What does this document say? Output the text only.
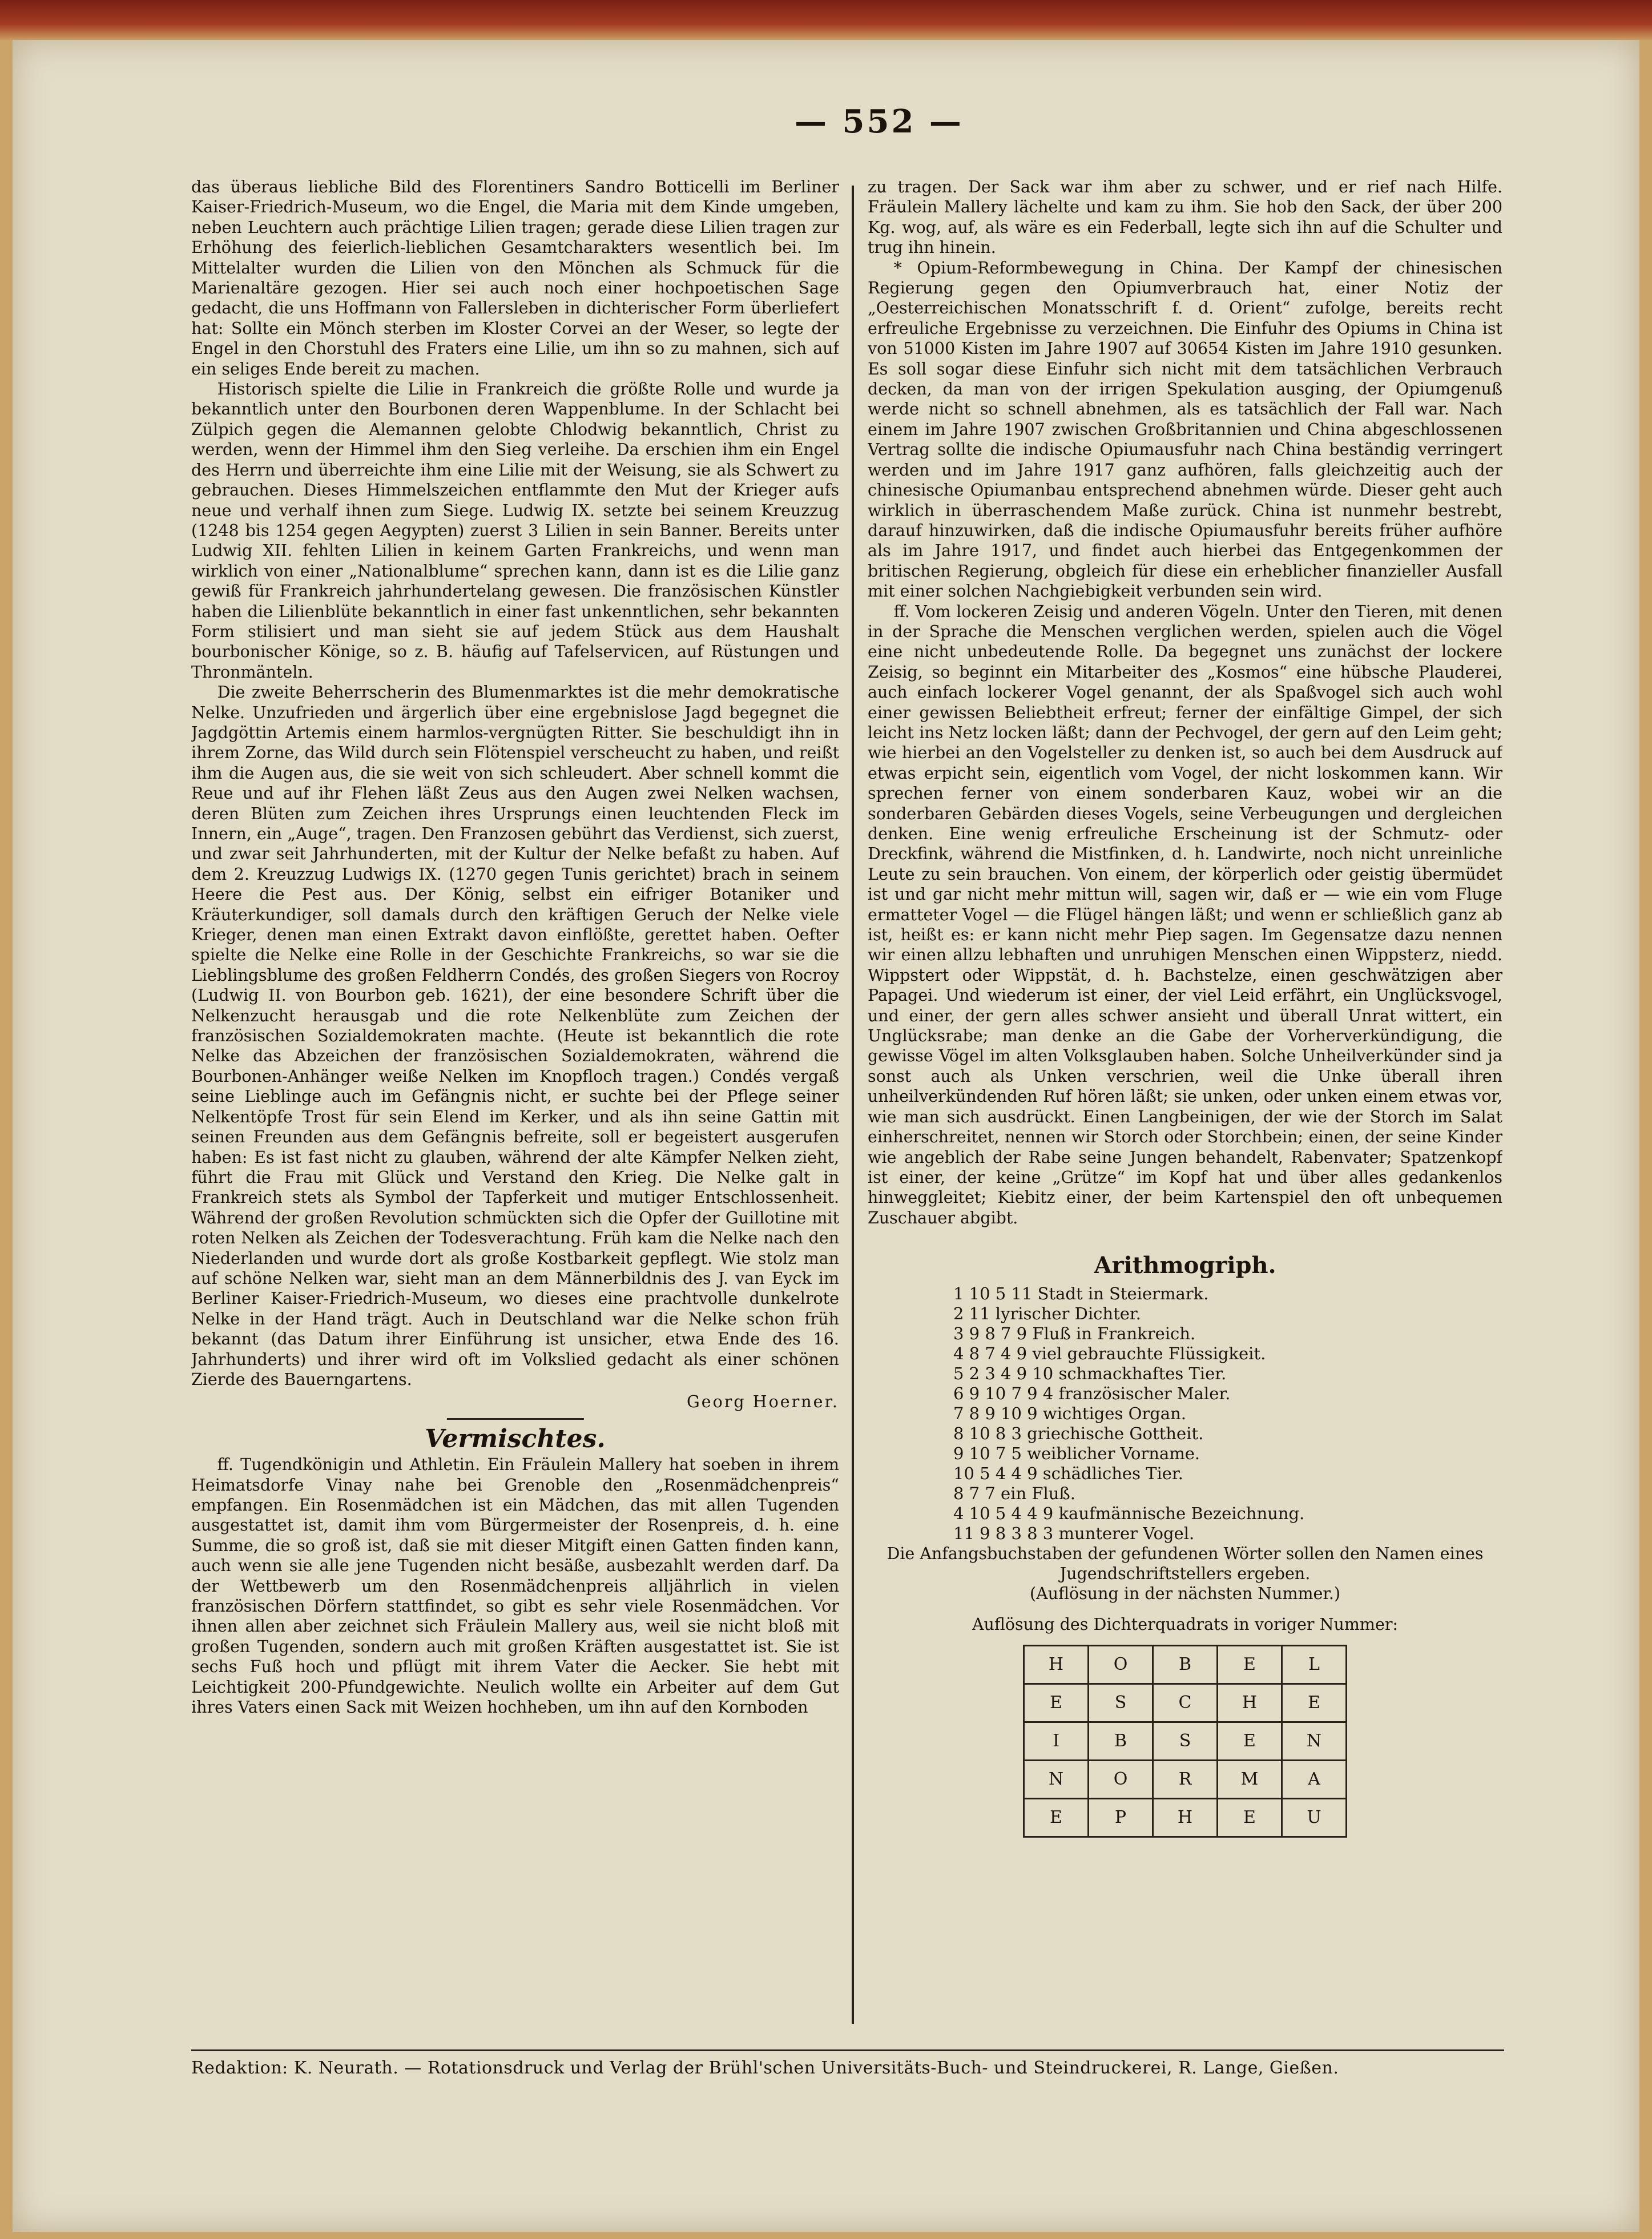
— 552 —

das überaus liebliche Bild des Florentiners Sandro Botticelli im Berliner Kaiser-Friedrich-Museum, wo die Engel, die Maria mit dem Kinde umgeben, neben Leuchtern auch prächtige Lilien tragen; gerade diese Lilien tragen zur Erhöhung des feierlich-lieblichen Gesamtcharakters wesentlich bei. Im Mittelalter wurden die Lilien von den Mönchen als Schmuck für die Marienaltäre gezogen. Hier sei auch noch einer hochpoetischen Sage gedacht, die uns Hoffmann von Fallersleben in dichterischer Form überliefert hat: Sollte ein Mönch sterben im Kloster Corvei an der Weser, so legte der Engel in den Chorstuhl des Fraters eine Lilie, um ihn so zu mahnen, sich auf ein seliges Ende bereit zu machen.

Historisch spielte die Lilie in Frankreich die größte Rolle und wurde ja bekanntlich unter den Bourbonen deren Wappenblume. In der Schlacht bei Zülpich gegen die Alemannen gelobte Chlodwig bekanntlich, Christ zu werden, wenn der Himmel ihm den Sieg verleihe. Da erschien ihm ein Engel des Herrn und überreichte ihm eine Lilie mit der Weisung, sie als Schwert zu gebrauchen. Dieses Himmelszeichen entflammte den Mut der Krieger aufs neue und verhalf ihnen zum Siege. Ludwig IX. setzte bei seinem Kreuzzug (1248 bis 1254 gegen Aegypten) zuerst 3 Lilien in sein Banner. Bereits unter Ludwig XII. fehlten Lilien in keinem Garten Frankreichs, und wenn man wirklich von einer „Nationalblume“ sprechen kann, dann ist es die Lilie ganz gewiß für Frankreich jahrhundertelang gewesen. Die französischen Künstler haben die Lilienblüte bekanntlich in einer fast unkenntlichen, sehr bekannten Form stilisiert und man sieht sie auf jedem Stück aus dem Haushalt bourbonischer Könige, so z. B. häufig auf Tafelservicen, auf Rüstungen und Thronmänteln.

Die zweite Beherrscherin des Blumenmarktes ist die mehr demokratische Nelke. Unzufrieden und ärgerlich über eine ergebnislose Jagd begegnet die Jagdgöttin Artemis einem harmlos-vergnügten Ritter. Sie beschuldigt ihn in ihrem Zorne, das Wild durch sein Flötenspiel verscheucht zu haben, und reißt ihm die Augen aus, die sie weit von sich schleudert. Aber schnell kommt die Reue und auf ihr Flehen läßt Zeus aus den Augen zwei Nelken wachsen, deren Blüten zum Zeichen ihres Ursprungs einen leuchtenden Fleck im Innern, ein „Auge“, tragen. Den Franzosen gebührt das Verdienst, sich zuerst, und zwar seit Jahrhunderten, mit der Kultur der Nelke befaßt zu haben. Auf dem 2. Kreuzzug Ludwigs IX. (1270 gegen Tunis gerichtet) brach in seinem Heere die Pest aus. Der König, selbst ein eifriger Botaniker und Kräuterkundiger, soll damals durch den kräftigen Geruch der Nelke viele Krieger, denen man einen Extrakt davon einflößte, gerettet haben. Oefter spielte die Nelke eine Rolle in der Geschichte Frankreichs, so war sie die Lieblingsblume des großen Feldherrn Condés, des großen Siegers von Rocroy (Ludwig II. von Bourbon geb. 1621), der eine besondere Schrift über die Nelkenzucht herausgab und die rote Nelkenblüte zum Zeichen der französischen Sozialdemokraten machte. (Heute ist bekanntlich die rote Nelke das Abzeichen der französischen Sozialdemokraten, während die Bourbonen-Anhänger weiße Nelken im Knopfloch tragen.) Condés vergaß seine Lieblinge auch im Gefängnis nicht, er suchte bei der Pflege seiner Nelkentöpfe Trost für sein Elend im Kerker, und als ihn seine Gattin mit seinen Freunden aus dem Gefängnis befreite, soll er begeistert ausgerufen haben: Es ist fast nicht zu glauben, während der alte Kämpfer Nelken zieht, führt die Frau mit Glück und Verstand den Krieg. Die Nelke galt in Frankreich stets als Symbol der Tapferkeit und mutiger Entschlossenheit. Während der großen Revolution schmückten sich die Opfer der Guillotine mit roten Nelken als Zeichen der Todesverachtung. Früh kam die Nelke nach den Niederlanden und wurde dort als große Kostbarkeit gepflegt. Wie stolz man auf schöne Nelken war, sieht man an dem Männerbildnis des J. van Eyck im Berliner Kaiser-Friedrich-Museum, wo dieses eine prachtvolle dunkelrote Nelke in der Hand trägt. Auch in Deutschland war die Nelke schon früh bekannt (das Datum ihrer Einführung ist unsicher, etwa Ende des 16. Jahrhunderts) und ihrer wird oft im Volkslied gedacht als einer schönen Zierde des Bauerngartens.

Georg Hoerner.
Vermischtes.

ff. Tugendkönigin und Athletin. Ein Fräulein Mallery hat soeben in ihrem Heimatsdorfe Vinay nahe bei Grenoble den „Rosenmädchenpreis“ empfangen. Ein Rosenmädchen ist ein Mädchen, das mit allen Tugenden ausgestattet ist, damit ihm vom Bürgermeister der Rosenpreis, d. h. eine Summe, die so groß ist, daß sie mit dieser Mitgift einen Gatten finden kann, auch wenn sie alle jene Tugenden nicht besäße, ausbezahlt werden darf. Da der Wettbewerb um den Rosenmädchenpreis alljährlich in vielen französischen Dörfern stattfindet, so gibt es sehr viele Rosenmädchen. Vor ihnen allen aber zeichnet sich Fräulein Mallery aus, weil sie nicht bloß mit großen Tugenden, sondern auch mit großen Kräften ausgestattet ist. Sie ist sechs Fuß hoch und pflügt mit ihrem Vater die Aecker. Sie hebt mit Leichtigkeit 200-Pfundgewichte. Neulich wollte ein Arbeiter auf dem Gut ihres Vaters einen Sack mit Weizen hochheben, um ihn auf den Kornboden

zu tragen. Der Sack war ihm aber zu schwer, und er rief nach Hilfe. Fräulein Mallery lächelte und kam zu ihm. Sie hob den Sack, der über 200 Kg. wog, auf, als wäre es ein Federball, legte sich ihn auf die Schulter und trug ihn hinein.

* Opium-Reformbewegung in China. Der Kampf der chinesischen Regierung gegen den Opiumverbrauch hat, einer Notiz der „Oesterreichischen Monatsschrift f. d. Orient“ zufolge, bereits recht erfreuliche Ergebnisse zu verzeichnen. Die Einfuhr des Opiums in China ist von 51000 Kisten im Jahre 1907 auf 30654 Kisten im Jahre 1910 gesunken. Es soll sogar diese Einfuhr sich nicht mit dem tatsächlichen Verbrauch decken, da man von der irrigen Spekulation ausging, der Opiumgenuß werde nicht so schnell abnehmen, als es tatsächlich der Fall war. Nach einem im Jahre 1907 zwischen Großbritannien und China abgeschlossenen Vertrag sollte die indische Opiumausfuhr nach China beständig verringert werden und im Jahre 1917 ganz aufhören, falls gleichzeitig auch der chinesische Opiumanbau entsprechend abnehmen würde. Dieser geht auch wirklich in überraschendem Maße zurück. China ist nunmehr bestrebt, darauf hinzuwirken, daß die indische Opiumausfuhr bereits früher aufhöre als im Jahre 1917, und findet auch hierbei das Entgegenkommen der britischen Regierung, obgleich für diese ein erheblicher finanzieller Ausfall mit einer solchen Nachgiebigkeit verbunden sein wird.

ff. Vom lockeren Zeisig und anderen Vögeln. Unter den Tieren, mit denen in der Sprache die Menschen verglichen werden, spielen auch die Vögel eine nicht unbedeutende Rolle. Da begegnet uns zunächst der lockere Zeisig, so beginnt ein Mitarbeiter des „Kosmos“ eine hübsche Plauderei, auch einfach lockerer Vogel genannt, der als Spaßvogel sich auch wohl einer gewissen Beliebtheit erfreut; ferner der einfältige Gimpel, der sich leicht ins Netz locken läßt; dann der Pechvogel, der gern auf den Leim geht; wie hierbei an den Vogelsteller zu denken ist, so auch bei dem Ausdruck auf etwas erpicht sein, eigentlich vom Vogel, der nicht loskommen kann. Wir sprechen ferner von einem sonderbaren Kauz, wobei wir an die sonderbaren Gebärden dieses Vogels, seine Verbeugungen und dergleichen denken. Eine wenig erfreuliche Erscheinung ist der Schmutz- oder Dreckfink, während die Mistfinken, d. h. Landwirte, noch nicht unreinliche Leute zu sein brauchen. Von einem, der körperlich oder geistig übermüdet ist und gar nicht mehr mittun will, sagen wir, daß er — wie ein vom Fluge ermatteter Vogel — die Flügel hängen läßt; und wenn er schließlich ganz ab ist, heißt es: er kann nicht mehr Piep sagen. Im Gegensatze dazu nennen wir einen allzu lebhaften und unruhigen Menschen einen Wippsterz, niedd. Wippstert oder Wippstät, d. h. Bachstelze, einen geschwätzigen aber Papagei. Und wiederum ist einer, der viel Leid erfährt, ein Unglücksvogel, und einer, der gern alles schwer ansieht und überall Unrat wittert, ein Unglücksrabe; man denke an die Gabe der Vorherverkündigung, die gewisse Vögel im alten Volksglauben haben. Solche Unheilverkünder sind ja sonst auch als Unken verschrien, weil die Unke überall ihren unheilverkündenden Ruf hören läßt; sie unken, oder unken einem etwas vor, wie man sich ausdrückt. Einen Langbeinigen, der wie der Storch im Salat einherschreitet, nennen wir Storch oder Storchbein; einen, der seine Kinder wie angeblich der Rabe seine Jungen behandelt, Rabenvater; Spatzenkopf ist einer, der keine „Grütze“ im Kopf hat und über alles gedankenlos hinweggleitet; Kiebitz einer, der beim Kartenspiel den oft unbequemen Zuschauer abgibt.

Arithmogriph.
1 10 5 11 Stadt in Steiermark.
2 11 lyrischer Dichter.
3 9 8 7 9 Fluß in Frankreich.
4 8 7 4 9 viel gebrauchte Flüssigkeit.
5 2 3 4 9 10 schmackhaftes Tier.
6 9 10 7 9 4 französischer Maler.
7 8 9 10 9 wichtiges Organ.
8 10 8 3 griechische Gottheit.
9 10 7 5 weiblicher Vorname.
10 5 4 4 9 schädliches Tier.
8 7 7 ein Fluß.
4 10 5 4 4 9 kaufmännische Bezeichnung.
11 9 8 3 8 3 munterer Vogel.

Die Anfangsbuchstaben der gefundenen Wörter sollen den Namen eines Jugendschriftstellers ergeben.

(Auflösung in der nächsten Nummer.)

Auflösung des Dichterquadrats in voriger Nummer:

H	O	B	E	L
E	S	C	H	E
I	B	S	E	N
N	O	R	M	A
E	P	H	E	U
Redaktion: K. Neurath. — Rotationsdruck und Verlag der Brühl'schen Universitäts-Buch- und Steindruckerei, R. Lange, Gießen.
